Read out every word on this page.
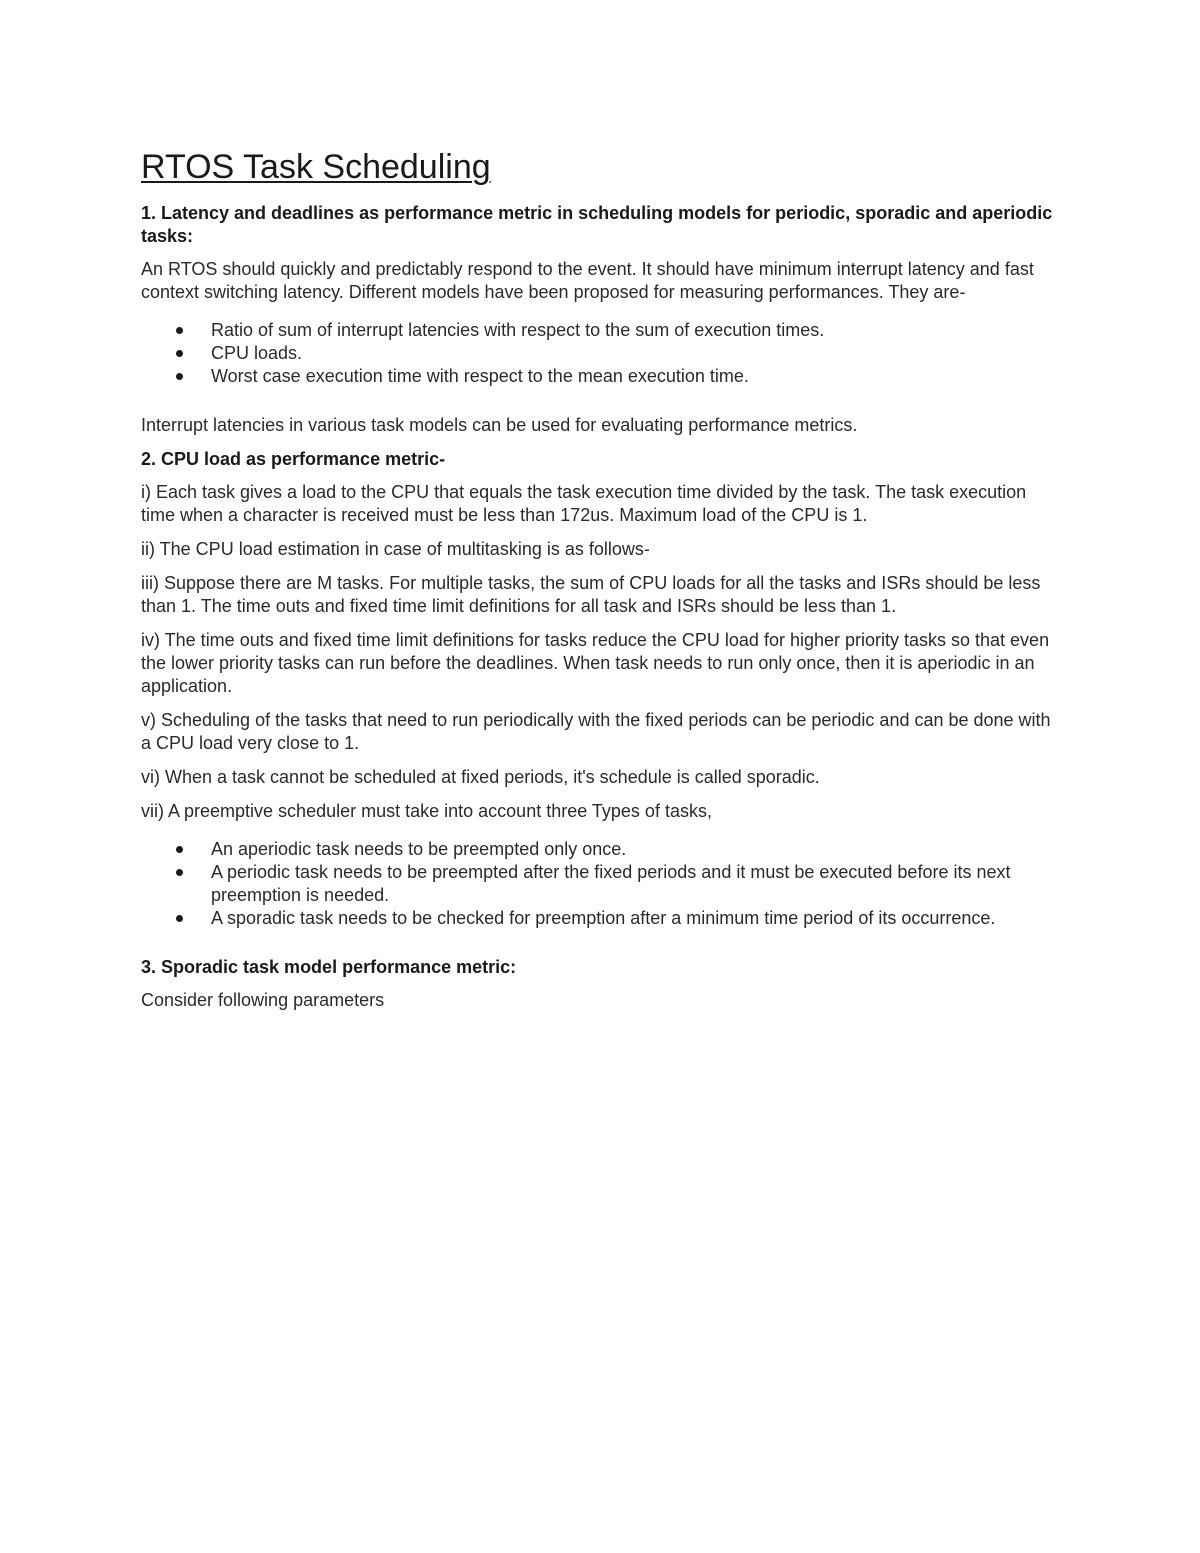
RTOS Task Scheduling

1. Latency and deadlines as performance metric in scheduling models for periodic, sporadic and aperiodic tasks:

An RTOS should quickly and predictably respond to the event. It should have minimum interrupt latency and fast context switching latency. Different models have been proposed for measuring performances. They are-

Ratio of sum of interrupt latencies with respect to the sum of execution times.
CPU loads.
Worst case execution time with respect to the mean execution time.

Interrupt latencies in various task models can be used for evaluating performance metrics.

2. CPU load as performance metric-

i) Each task gives a load to the CPU that equals the task execution time divided by the task. The task execution time when a character is received must be less than 172us. Maximum load of the CPU is 1.

ii) The CPU load estimation in case of multitasking is as follows-

iii) Suppose there are M tasks. For multiple tasks, the sum of CPU loads for all the tasks and ISRs should be less than 1. The time outs and fixed time limit definitions for all task and ISRs should be less than 1.

iv) The time outs and fixed time limit definitions for tasks reduce the CPU load for higher priority tasks so that even the lower priority tasks can run before the deadlines. When task needs to run only once, then it is aperiodic in an application.

v) Scheduling of the tasks that need to run periodically with the fixed periods can be periodic and can be done with a CPU load very close to 1.

vi) When a task cannot be scheduled at fixed periods, it's schedule is called sporadic.

vii) A preemptive scheduler must take into account three Types of tasks,

An aperiodic task needs to be preempted only once.
A periodic task needs to be preempted after the fixed periods and it must be executed before its next preemption is needed.
A sporadic task needs to be checked for preemption after a minimum time period of its occurrence.

3. Sporadic task model performance metric:

Consider following parameters
